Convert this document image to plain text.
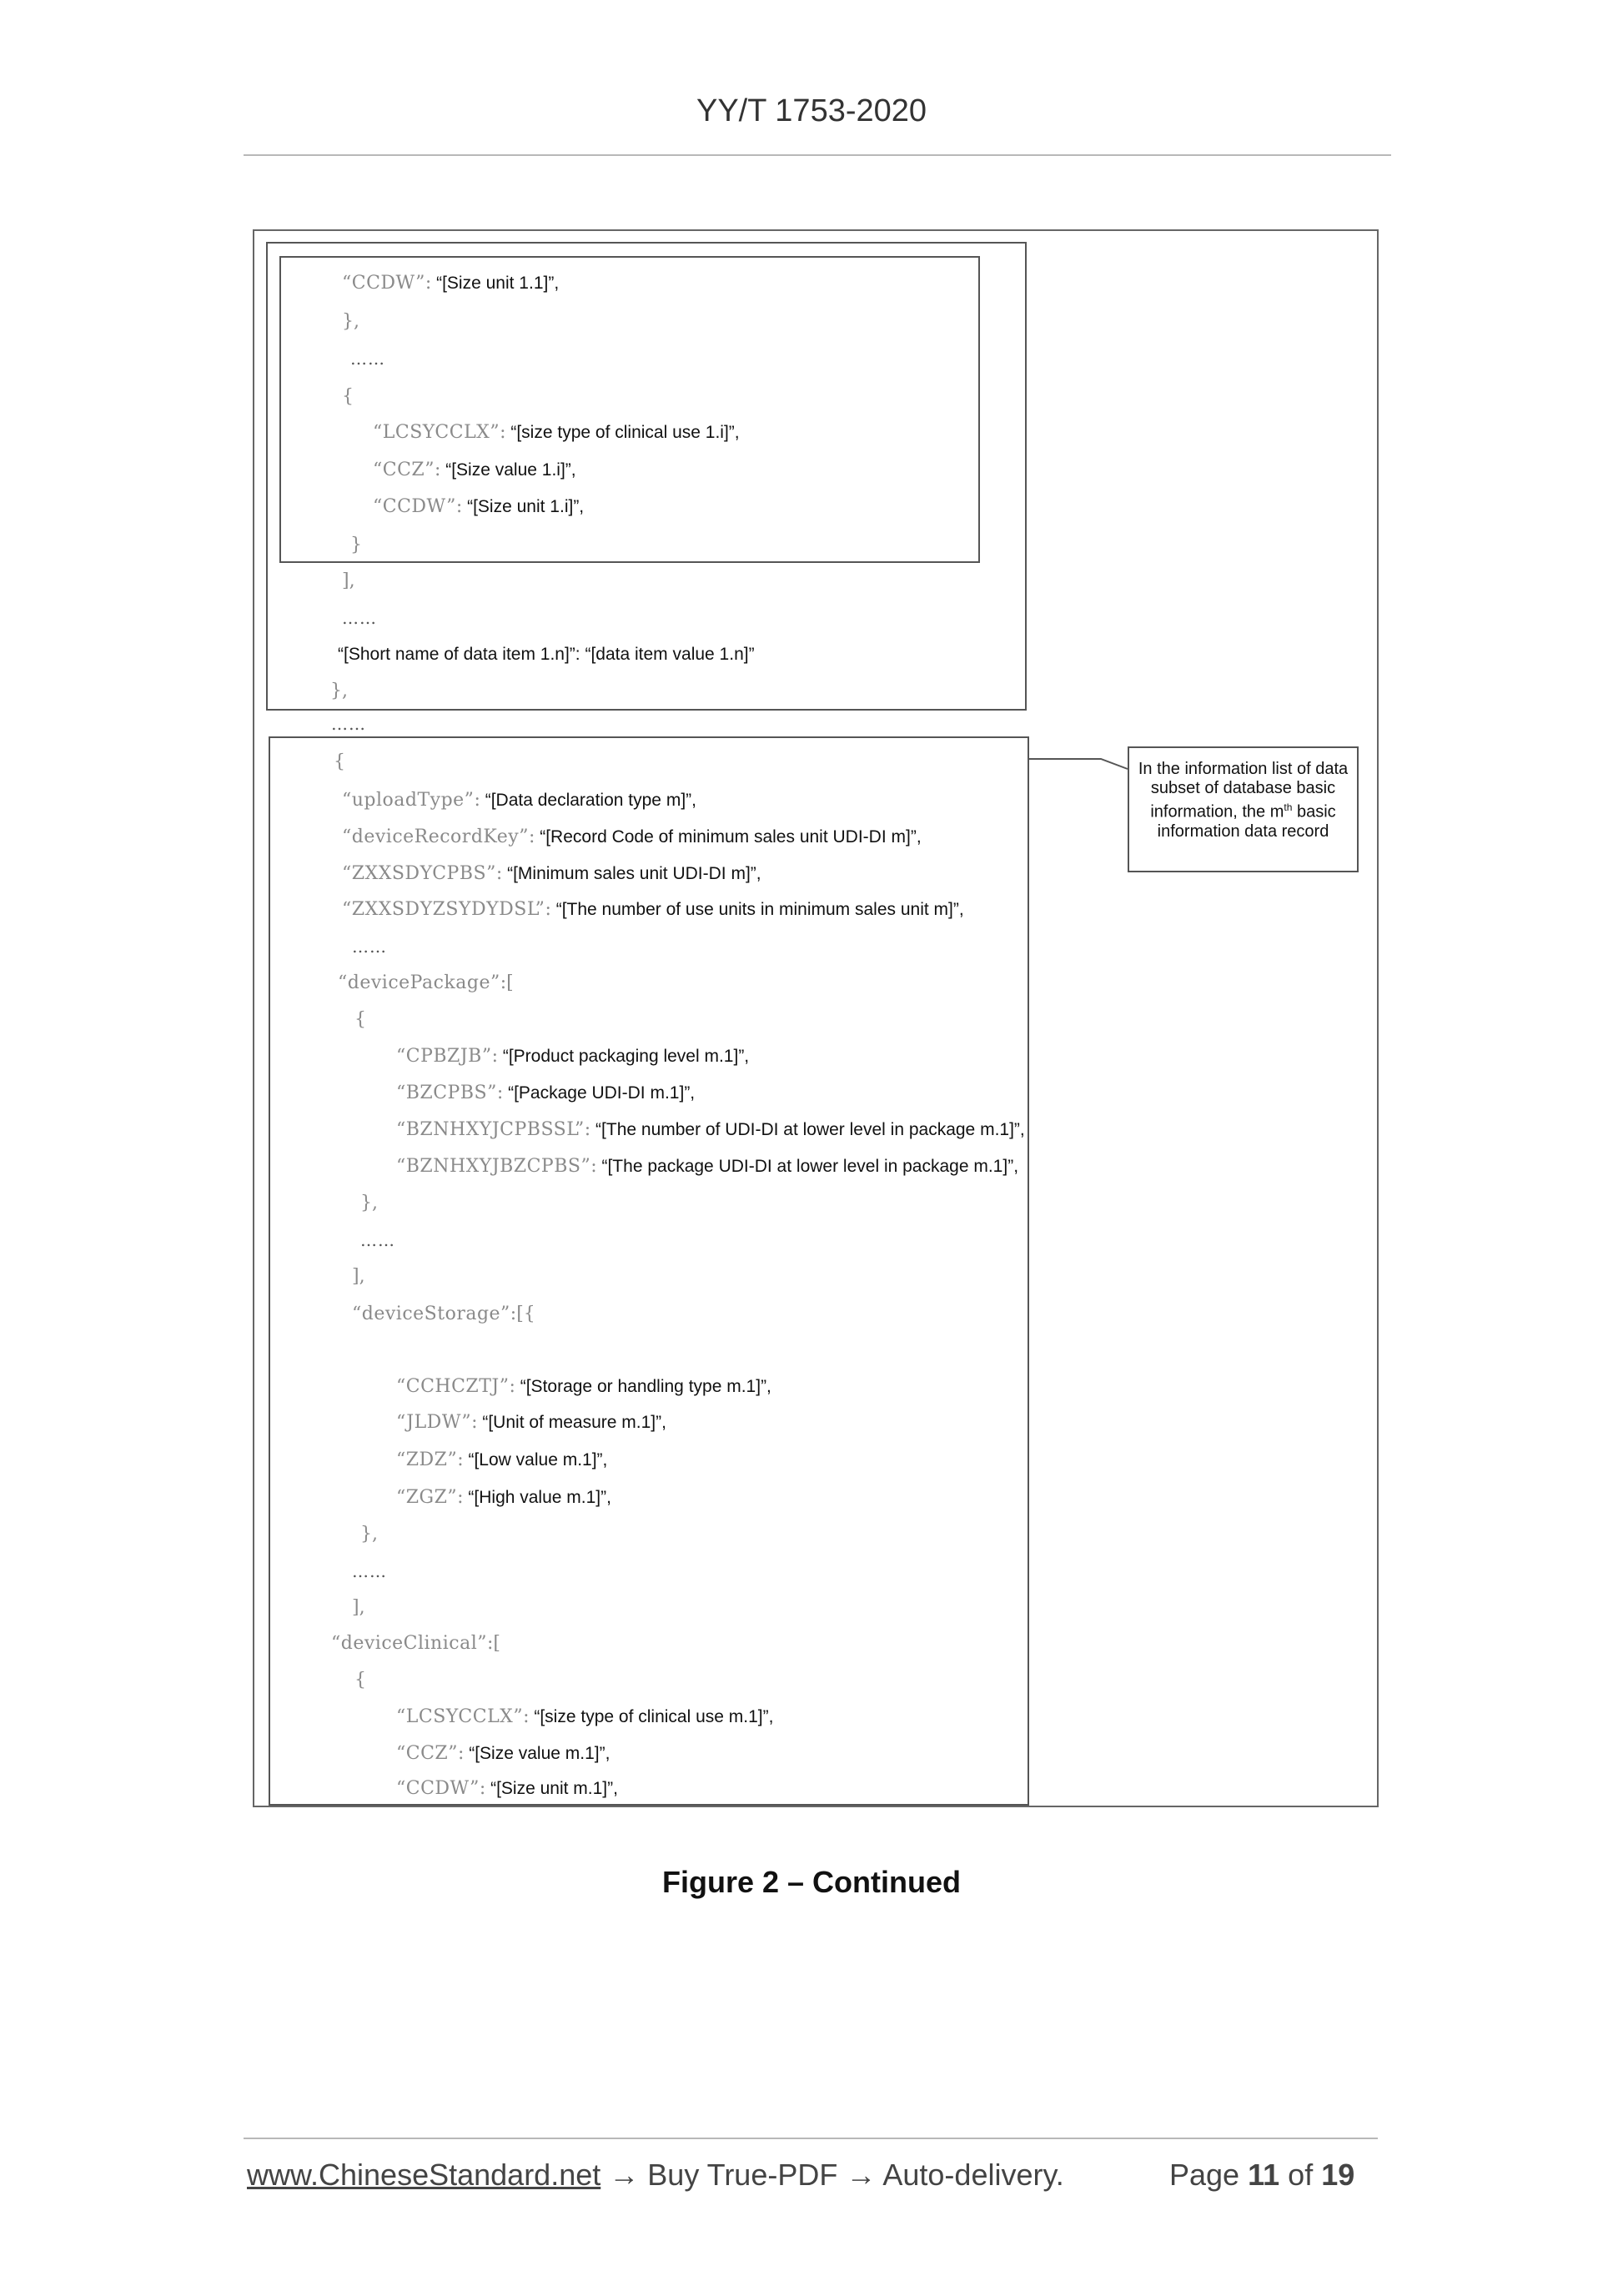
YY/T 1753-2020
“CCDW”: “[Size unit 1.1]”,
},
……
{
“LCSYCCLX”: “[size type of clinical use 1.i]”,
“CCZ”: “[Size value 1.i]”,
“CCDW”: “[Size unit 1.i]”,
}
],
……
“[Short name of data item 1.n]”: “[data item value 1.n]”
},
……
{
“uploadType”: “[Data declaration type m]”,
“deviceRecordKey”: “[Record Code of minimum sales unit UDI-DI m]”,
“ZXXSDYCPBS”: “[Minimum sales unit UDI-DI m]”,
“ZXXSDYZSYDYDSL”: “[The number of use units in minimum sales unit m]”,
……
“devicePackage”:[
{
“CPBZJB”: “[Product packaging level m.1]”,
“BZCPBS”: “[Package UDI-DI m.1]”,
“BZNHXYJCPBSSL”: “[The number of UDI-DI at lower level in package m.1]”,
“BZNHXYJBZCPBS”: “[The package UDI-DI at lower level in package m.1]”,
},
……
],
“deviceStorage”:[{
“CCHCZTJ”: “[Storage or handling type m.1]”,
“JLDW”: “[Unit of measure m.1]”,
“ZDZ”: “[Low value m.1]”,
“ZGZ”: “[High value m.1]”,
},
……
],
“deviceClinical”:[
{
“LCSYCCLX”: “[size type of clinical use m.1]”,
“CCZ”: “[Size value m.1]”,
“CCDW”: “[Size unit m.1]”,
In the information list of data subset of database basic information, the $m^{th}$ basic information data record
Figure 2 – Continued
www.ChineseStandard.net → Buy True-PDF → Auto-delivery.	Page 11 of 19
